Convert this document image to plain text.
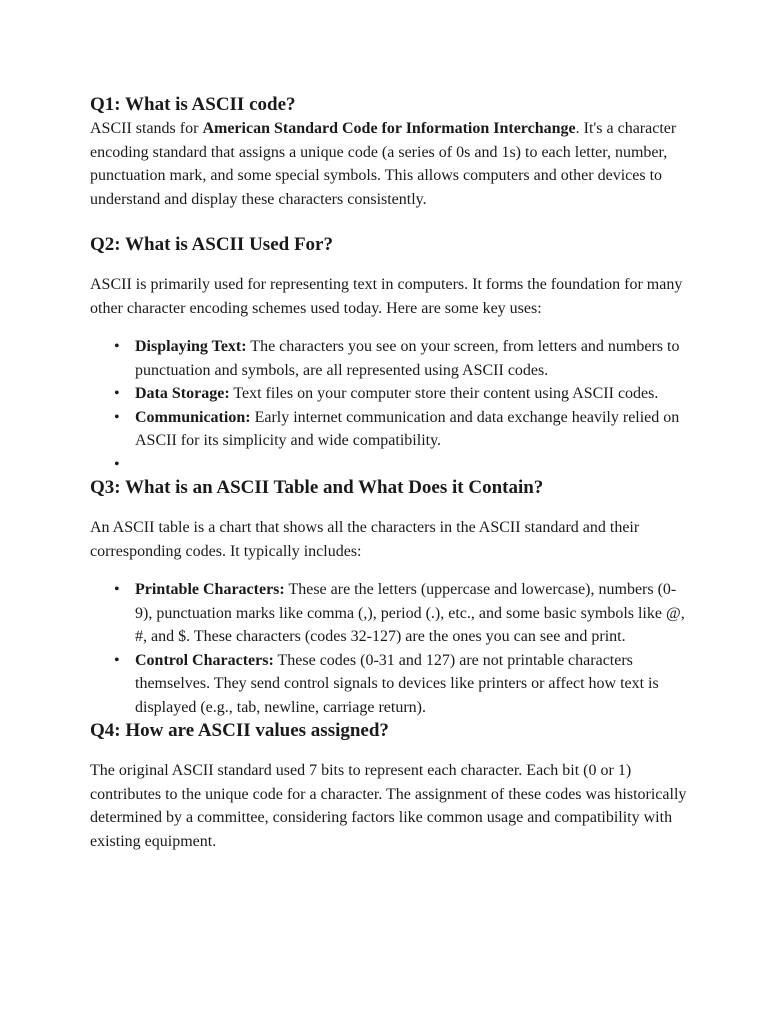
Q1: What is ASCII code?

ASCII stands for American Standard Code for Information Interchange. It's a character encoding standard that assigns a unique code (a series of 0s and 1s) to each letter, number, punctuation mark, and some special symbols. This allows computers and other devices to understand and display these characters consistently.

Q2: What is ASCII Used For?

ASCII is primarily used for representing text in computers. It forms the foundation for many other character encoding schemes used today. Here are some key uses:

• Displaying Text: The characters you see on your screen, from letters and numbers to punctuation and symbols, are all represented using ASCII codes.
• Data Storage: Text files on your computer store their content using ASCII codes.
• Communication: Early internet communication and data exchange heavily relied on ASCII for its simplicity and wide compatibility.
•
Q3: What is an ASCII Table and What Does it Contain?

An ASCII table is a chart that shows all the characters in the ASCII standard and their corresponding codes. It typically includes:

• Printable Characters: These are the letters (uppercase and lowercase), numbers (0-9), punctuation marks like comma (,), period (.), etc., and some basic symbols like @, #, and $. These characters (codes 32-127) are the ones you can see and print.
• Control Characters: These codes (0-31 and 127) are not printable characters themselves. They send control signals to devices like printers or affect how text is displayed (e.g., tab, newline, carriage return).
Q4: How are ASCII values assigned?

The original ASCII standard used 7 bits to represent each character. Each bit (0 or 1) contributes to the unique code for a character. The assignment of these codes was historically determined by a committee, considering factors like common usage and compatibility with existing equipment.
